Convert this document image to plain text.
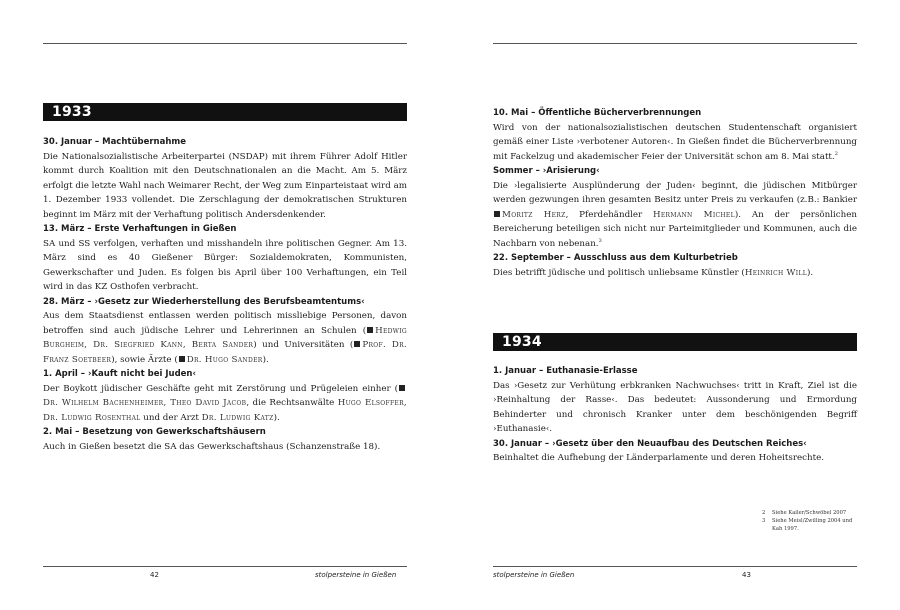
1933

30. Januar – Machtübernahme

Die Nationalsozialistische Arbeiterpartei (NSDAP) mit ihrem Führer Adolf Hitler kommt durch Koalition mit den Deutschnationalen an die Macht. Am 5. März erfolgt die letzte Wahl nach Weimarer Recht, der Weg zum Einparteistaat wird am 1. Dezember 1933 vollendet. Die Zerschlagung der demokratischen Strukturen beginnt im März mit der Verhaftung politisch Andersdenkender.

13. März – Erste Verhaftungen in Gießen

SA und SS verfolgen, verhaften und misshandeln ihre politischen Gegner. Am 13. März sind es 40 Gießener Bürger: Sozialdemokraten, Kommunisten, Gewerkschafter und Juden. Es folgen bis April über 100 Verhaftungen, ein Teil wird in das KZ Osthofen verbracht.

28. März – ›Gesetz zur Wiederherstellung des Berufsbeamtentums‹

Aus dem Staatsdienst entlassen werden politisch missliebige Personen, davon betroffen sind auch jüdische Lehrer und Lehrerinnen an Schulen ( Hedwig Burgheim, Dr. Siegfried Kann, Berta Sander) und Universitäten ( Prof. Dr. Franz Soetbeer), sowie Ärzte ( Dr. Hugo Sander).

1. April – ›Kauft nicht bei Juden‹

Der Boykott jüdischer Geschäfte geht mit Zerstörung und Prügeleien einher (Dr. Wilhelm Bachenheimer, Theo David Jacob, die Rechtsanwälte Hugo Elsoffer, Dr. Ludwig Rosenthal und der Arzt Dr. Ludwig Katz).

2. Mai – Besetzung von Gewerkschaftshäusern

Auch in Gießen besetzt die SA das Gewerkschaftshaus (Schanzenstraße 18).

42	stolpersteine in Gießen

10. Mai – Öffentliche Bücherverbrennungen

Wird von der nationalsozialistischen deutschen Studentenschaft organisiert gemäß einer Liste ›verbotener Autoren‹. In Gießen findet die Bücherverbrennung mit Fackelzug und akademischer Feier der Universität schon am 8. Mai statt.$^2$

Sommer – ›Arisierung‹

Die ›legalisierte Ausplünderung der Juden‹ beginnt, die jüdischen Mitbürger werden gezwungen ihren gesamten Besitz unter Preis zu verkaufen (z.B.: Bankier Moritz Herz, Pferdehändler Hermann Michel). An der persönlichen Bereicherung beteiligen sich nicht nur Parteimitglieder und Kommunen, auch die Nachbarn von nebenan.$^3$

22. September – Ausschluss aus dem Kulturbetrieb

Dies betrifft jüdische und politisch unliebsame Künstler (Heinrich Will).

1934

1. Januar – Euthanasie-Erlasse

Das ›Gesetz zur Verhütung erbkranken Nachwuchses‹ tritt in Kraft, Ziel ist die ›Reinhaltung der Rasse‹. Das bedeutet: Aussonderung und Ermordung Behinderter und chronisch Kranker unter dem beschönigenden Begriff ›Euthanasie‹.

30. Januar – ›Gesetz über den Neuaufbau des Deutschen Reiches‹

Beinhaltet die Aufhebung der Länderparlamente und deren Hoheitsrechte.

2	Siehe Kailer/Schwöbel 2007
3	Siehe Meisl/Zwilling 2004 und Kah 1997.
stolpersteine in Gießen	43
